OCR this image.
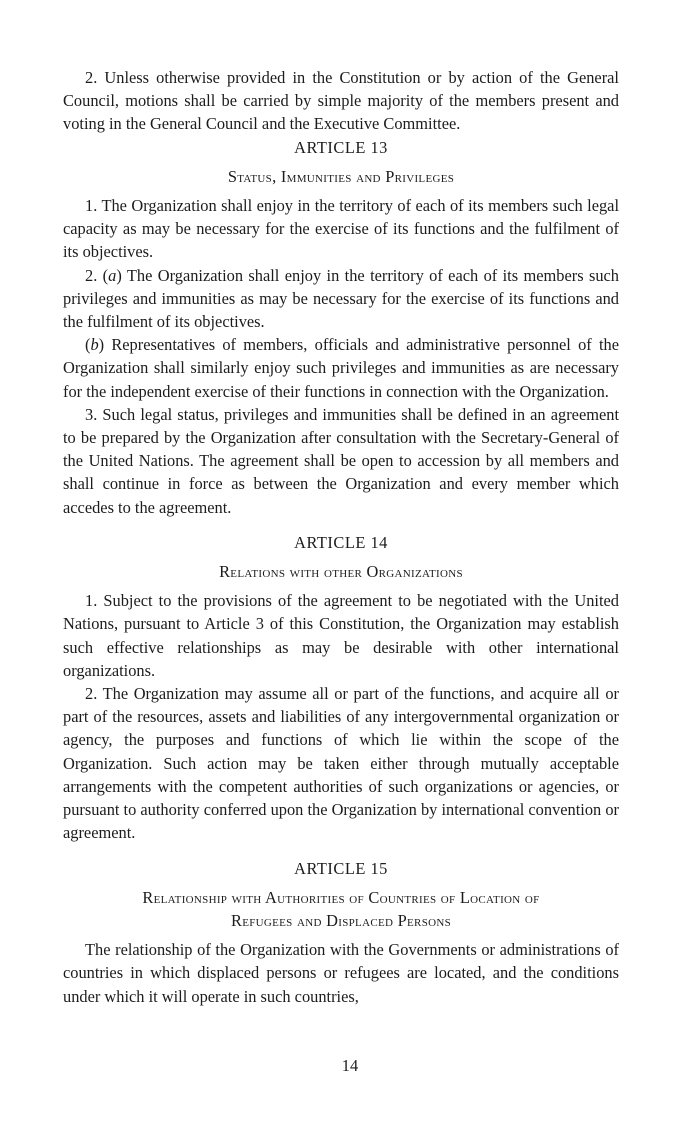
2. Unless otherwise provided in the Constitution or by action of the General Council, motions shall be carried by simple majority of the members present and voting in the General Council and the Executive Committee.

ARTICLE 13

Status, Immunities and Privileges

1. The Organization shall enjoy in the territory of each of its members such legal capacity as may be necessary for the exercise of its functions and the fulfilment of its objectives.

2. (a) The Organization shall enjoy in the territory of each of its members such privileges and immunities as may be necessary for the exercise of its functions and the fulfilment of its objectives.

(b) Representatives of members, officials and administrative personnel of the Organization shall similarly enjoy such privileges and immunities as are necessary for the independent exercise of their functions in connection with the Organization.

3. Such legal status, privileges and immunities shall be defined in an agreement to be prepared by the Organization after consultation with the Secretary-General of the United Nations. The agreement shall be open to accession by all members and shall continue in force as between the Organization and every member which accedes to the agreement.

ARTICLE 14

Relations with other Organizations

1. Subject to the provisions of the agreement to be negotiated with the United Nations, pursuant to Article 3 of this Constitution, the Organization may establish such effective relationships as may be desirable with other international organizations.

2. The Organization may assume all or part of the functions, and acquire all or part of the resources, assets and liabilities of any intergovernmental organization or agency, the purposes and functions of which lie within the scope of the Organization. Such action may be taken either through mutually acceptable arrangements with the competent authorities of such organizations or agencies, or pursuant to authority conferred upon the Organization by international convention or agreement.

ARTICLE 15

Relationship with Authorities of Countries of Location of

Refugees and Displaced Persons

The relationship of the Organization with the Governments or administrations of countries in which displaced persons or refugees are located, and the conditions under which it will operate in such countries,

14
